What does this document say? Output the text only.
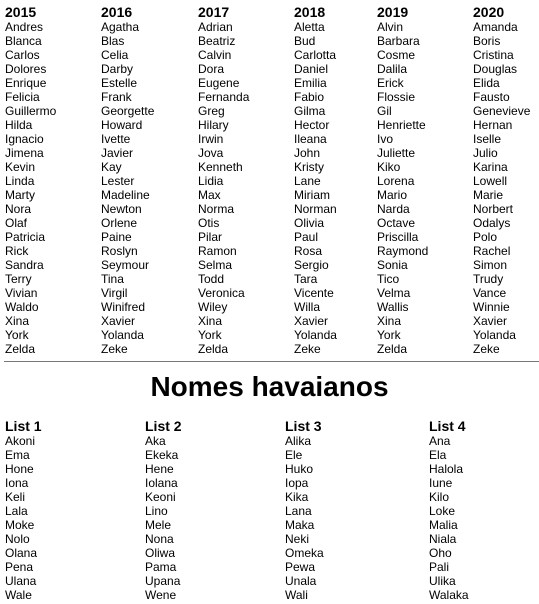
2015
Andres
Blanca
Carlos
Dolores
Enrique
Felicia
Guillermo
Hilda
Ignacio
Jimena
Kevin
Linda
Marty
Nora
Olaf
Patricia
Rick
Sandra
Terry
Vivian
Waldo
Xina
York
Zelda
2016
Agatha
Blas
Celia
Darby
Estelle
Frank
Georgette
Howard
Ivette
Javier
Kay
Lester
Madeline
Newton
Orlene
Paine
Roslyn
Seymour
Tina
Virgil
Winifred
Xavier
Yolanda
Zeke
2017
Adrian
Beatriz
Calvin
Dora
Eugene
Fernanda
Greg
Hilary
Irwin
Jova
Kenneth
Lidia
Max
Norma
Otis
Pilar
Ramon
Selma
Todd
Veronica
Wiley
Xina
York
Zelda
2018
Aletta
Bud
Carlotta
Daniel
Emilia
Fabio
Gilma
Hector
Ileana
John
Kristy
Lane
Miriam
Norman
Olivia
Paul
Rosa
Sergio
Tara
Vicente
Willa
Xavier
Yolanda
Zeke
2019
Alvin
Barbara
Cosme
Dalila
Erick
Flossie
Gil
Henriette
Ivo
Juliette
Kiko
Lorena
Mario
Narda
Octave
Priscilla
Raymond
Sonia
Tico
Velma
Wallis
Xina
York
Zelda
2020
Amanda
Boris
Cristina
Douglas
Elida
Fausto
Genevieve
Hernan
Iselle
Julio
Karina
Lowell
Marie
Norbert
Odalys
Polo
Rachel
Simon
Trudy
Vance
Winnie
Xavier
Yolanda
Zeke
Nomes havaianos
List 1
Akoni
Ema
Hone
Iona
Keli
Lala
Moke
Nolo
Olana
Pena
Ulana
Wale
List 2
Aka
Ekeka
Hene
Iolana
Keoni
Lino
Mele
Nona
Oliwa
Pama
Upana
Wene
List 3
Alika
Ele
Huko
Iopa
Kika
Lana
Maka
Neki
Omeka
Pewa
Unala
Wali
List 4
Ana
Ela
Halola
Iune
Kilo
Loke
Malia
Niala
Oho
Pali
Ulika
Walaka
